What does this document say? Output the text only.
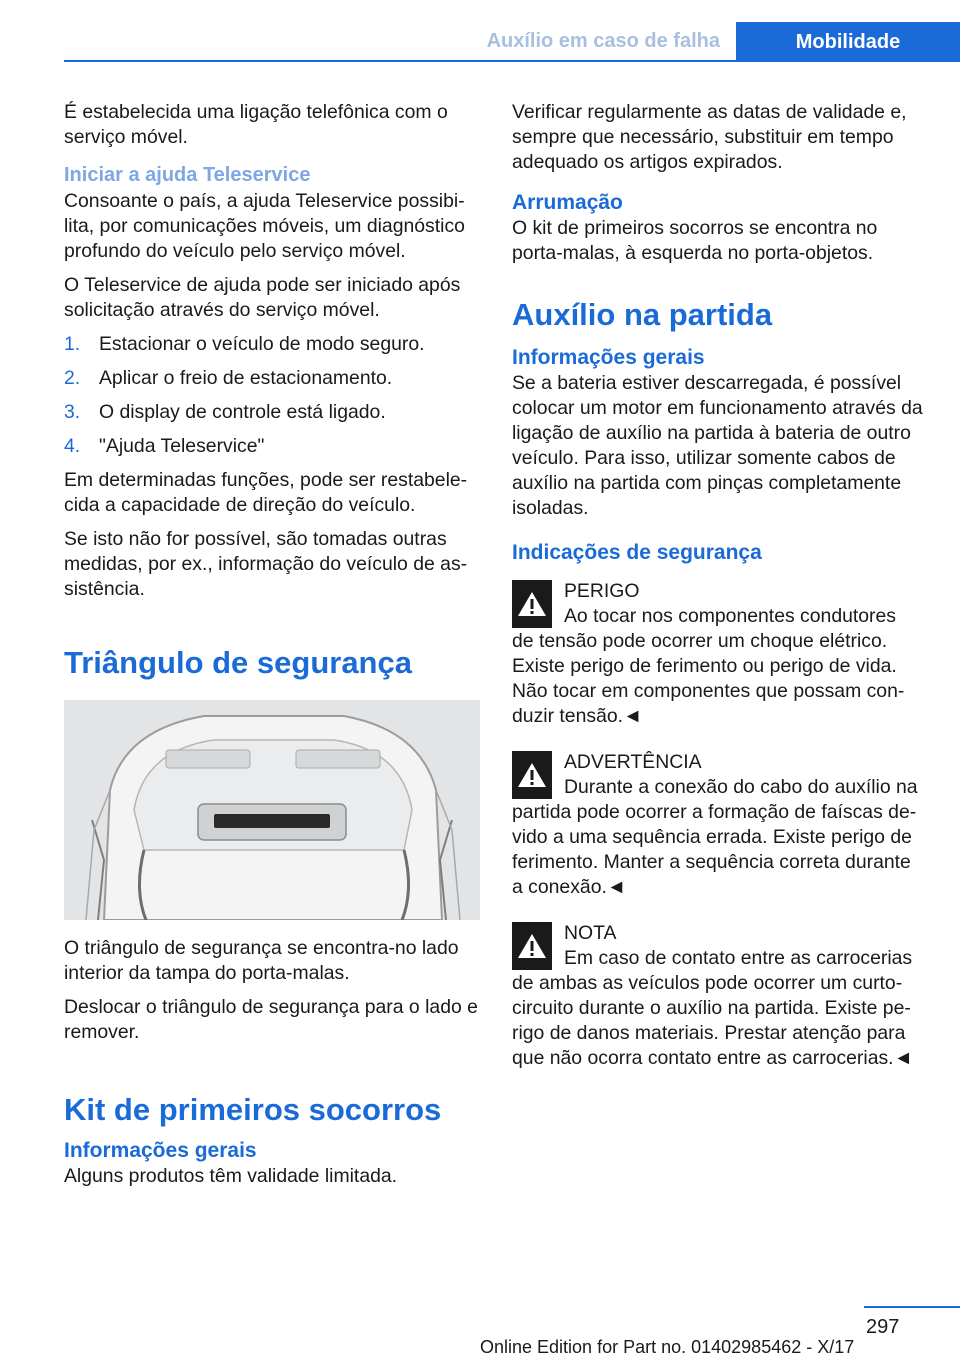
Auxílio em caso de falha	Mobilidade

É estabelecida uma ligação telefônica com o serviço móvel.

Iniciar a ajuda Teleservice

Consoante o país, a ajuda Teleservice possibilita, por comunicações móveis, um diagnóstico profundo do veículo pelo serviço móvel.

O Teleservice de ajuda pode ser iniciado após solicitação através do serviço móvel.

1. Estacionar o veículo de modo seguro.
2. Aplicar o freio de estacionamento.
3. O display de controle está ligado.
4. "Ajuda Teleservice"

Em determinadas funções, pode ser restabelecida a capacidade de direção do veículo.

Se isto não for possível, são tomadas outras medidas, por ex., informação do veículo de assistência.

Triângulo de segurança

O triângulo de segurança se encontra-no lado interior da tampa do porta-malas.

Deslocar o triângulo de segurança para o lado e remover.

Kit de primeiros socorros
Informações gerais

Alguns produtos têm validade limitada.

Verificar regularmente as datas de validade e, sempre que necessário, substituir em tempo adequado os artigos expirados.

Arrumação

O kit de primeiros socorros se encontra no porta-malas, à esquerda no porta-objetos.

Auxílio na partida
Informações gerais

Se a bateria estiver descarregada, é possível colocar um motor em funcionamento através da ligação de auxílio na partida à bateria de outro veículo. Para isso, utilizar somente cabos de auxílio na partida com pinças completamente isoladas.

Indicações de segurança
PERIGO
Ao tocar nos componentes condutores
de tensão pode ocorrer um choque elétrico. Existe perigo de ferimento ou perigo de vida. Não tocar em componentes que possam conduzir tensão.◄
ADVERTÊNCIA
Durante a conexão do cabo do auxílio na
partida pode ocorrer a formação de faíscas devido a uma sequência errada. Existe perigo de ferimento. Manter a sequência correta durante a conexão.◄
NOTA
Em caso de contato entre as carrocerias
de ambas as veículos pode ocorrer um curto-circuito durante o auxílio na partida. Existe perigo de danos materiais. Prestar atenção para que não ocorra contato entre as carrocerias.◄
297
Online Edition for Part no. 01402985462 - X/17
